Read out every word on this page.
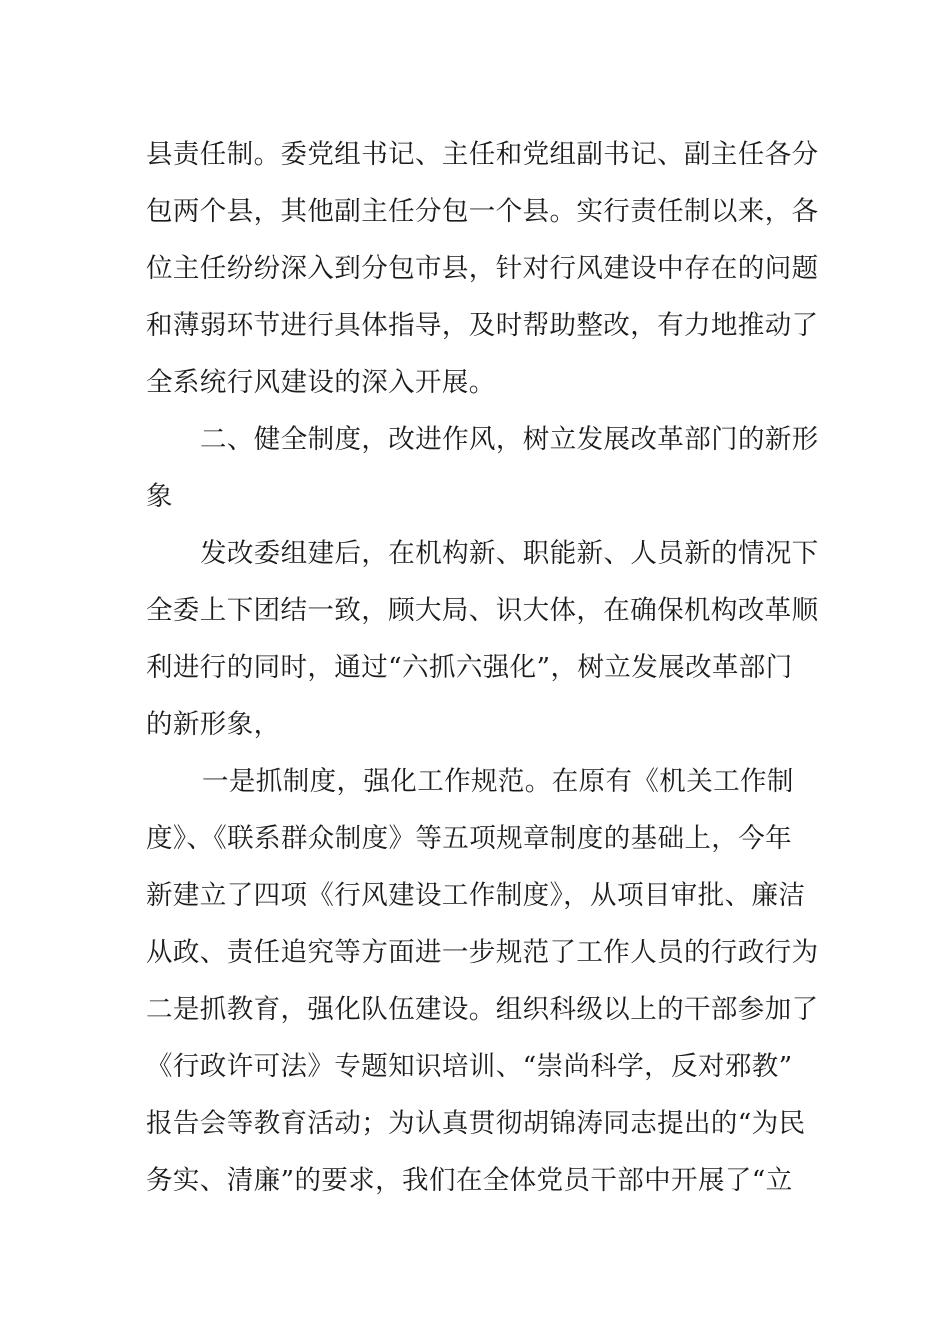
县责任制。委党组书记、主任和党组副书记、副主任各分
包两个县，其他副主任分包一个县。实行责任制以来，各
位主任纷纷深入到分包市县，针对行风建设中存在的问题
和薄弱环节进行具体指导，及时帮助整改，有力地推动了
全系统行风建设的深入开展。
二、健全制度，改进作风，树立发展改革部门的新形
象
发改委组建后，在机构新、职能新、人员新的情况下
全委上下团结一致，顾大局、识大体，在确保机构改革顺
利进行的同时，通过“六抓六强化”，树立发展改革部门
的新形象，
一是抓制度，强化工作规范。在原有《机关工作制
度》、《联系群众制度》等五项规章制度的基础上，今年
新建立了四项《行风建设工作制度》，从项目审批、廉洁
从政、责任追究等方面进一步规范了工作人员的行政行为
二是抓教育，强化队伍建设。组织科级以上的干部参加了
《行政许可法》专题知识培训、“崇尚科学，反对邪教”
报告会等教育活动；为认真贯彻胡锦涛同志提出的“为民
务实、清廉”的要求，我们在全体党员干部中开展了“立
